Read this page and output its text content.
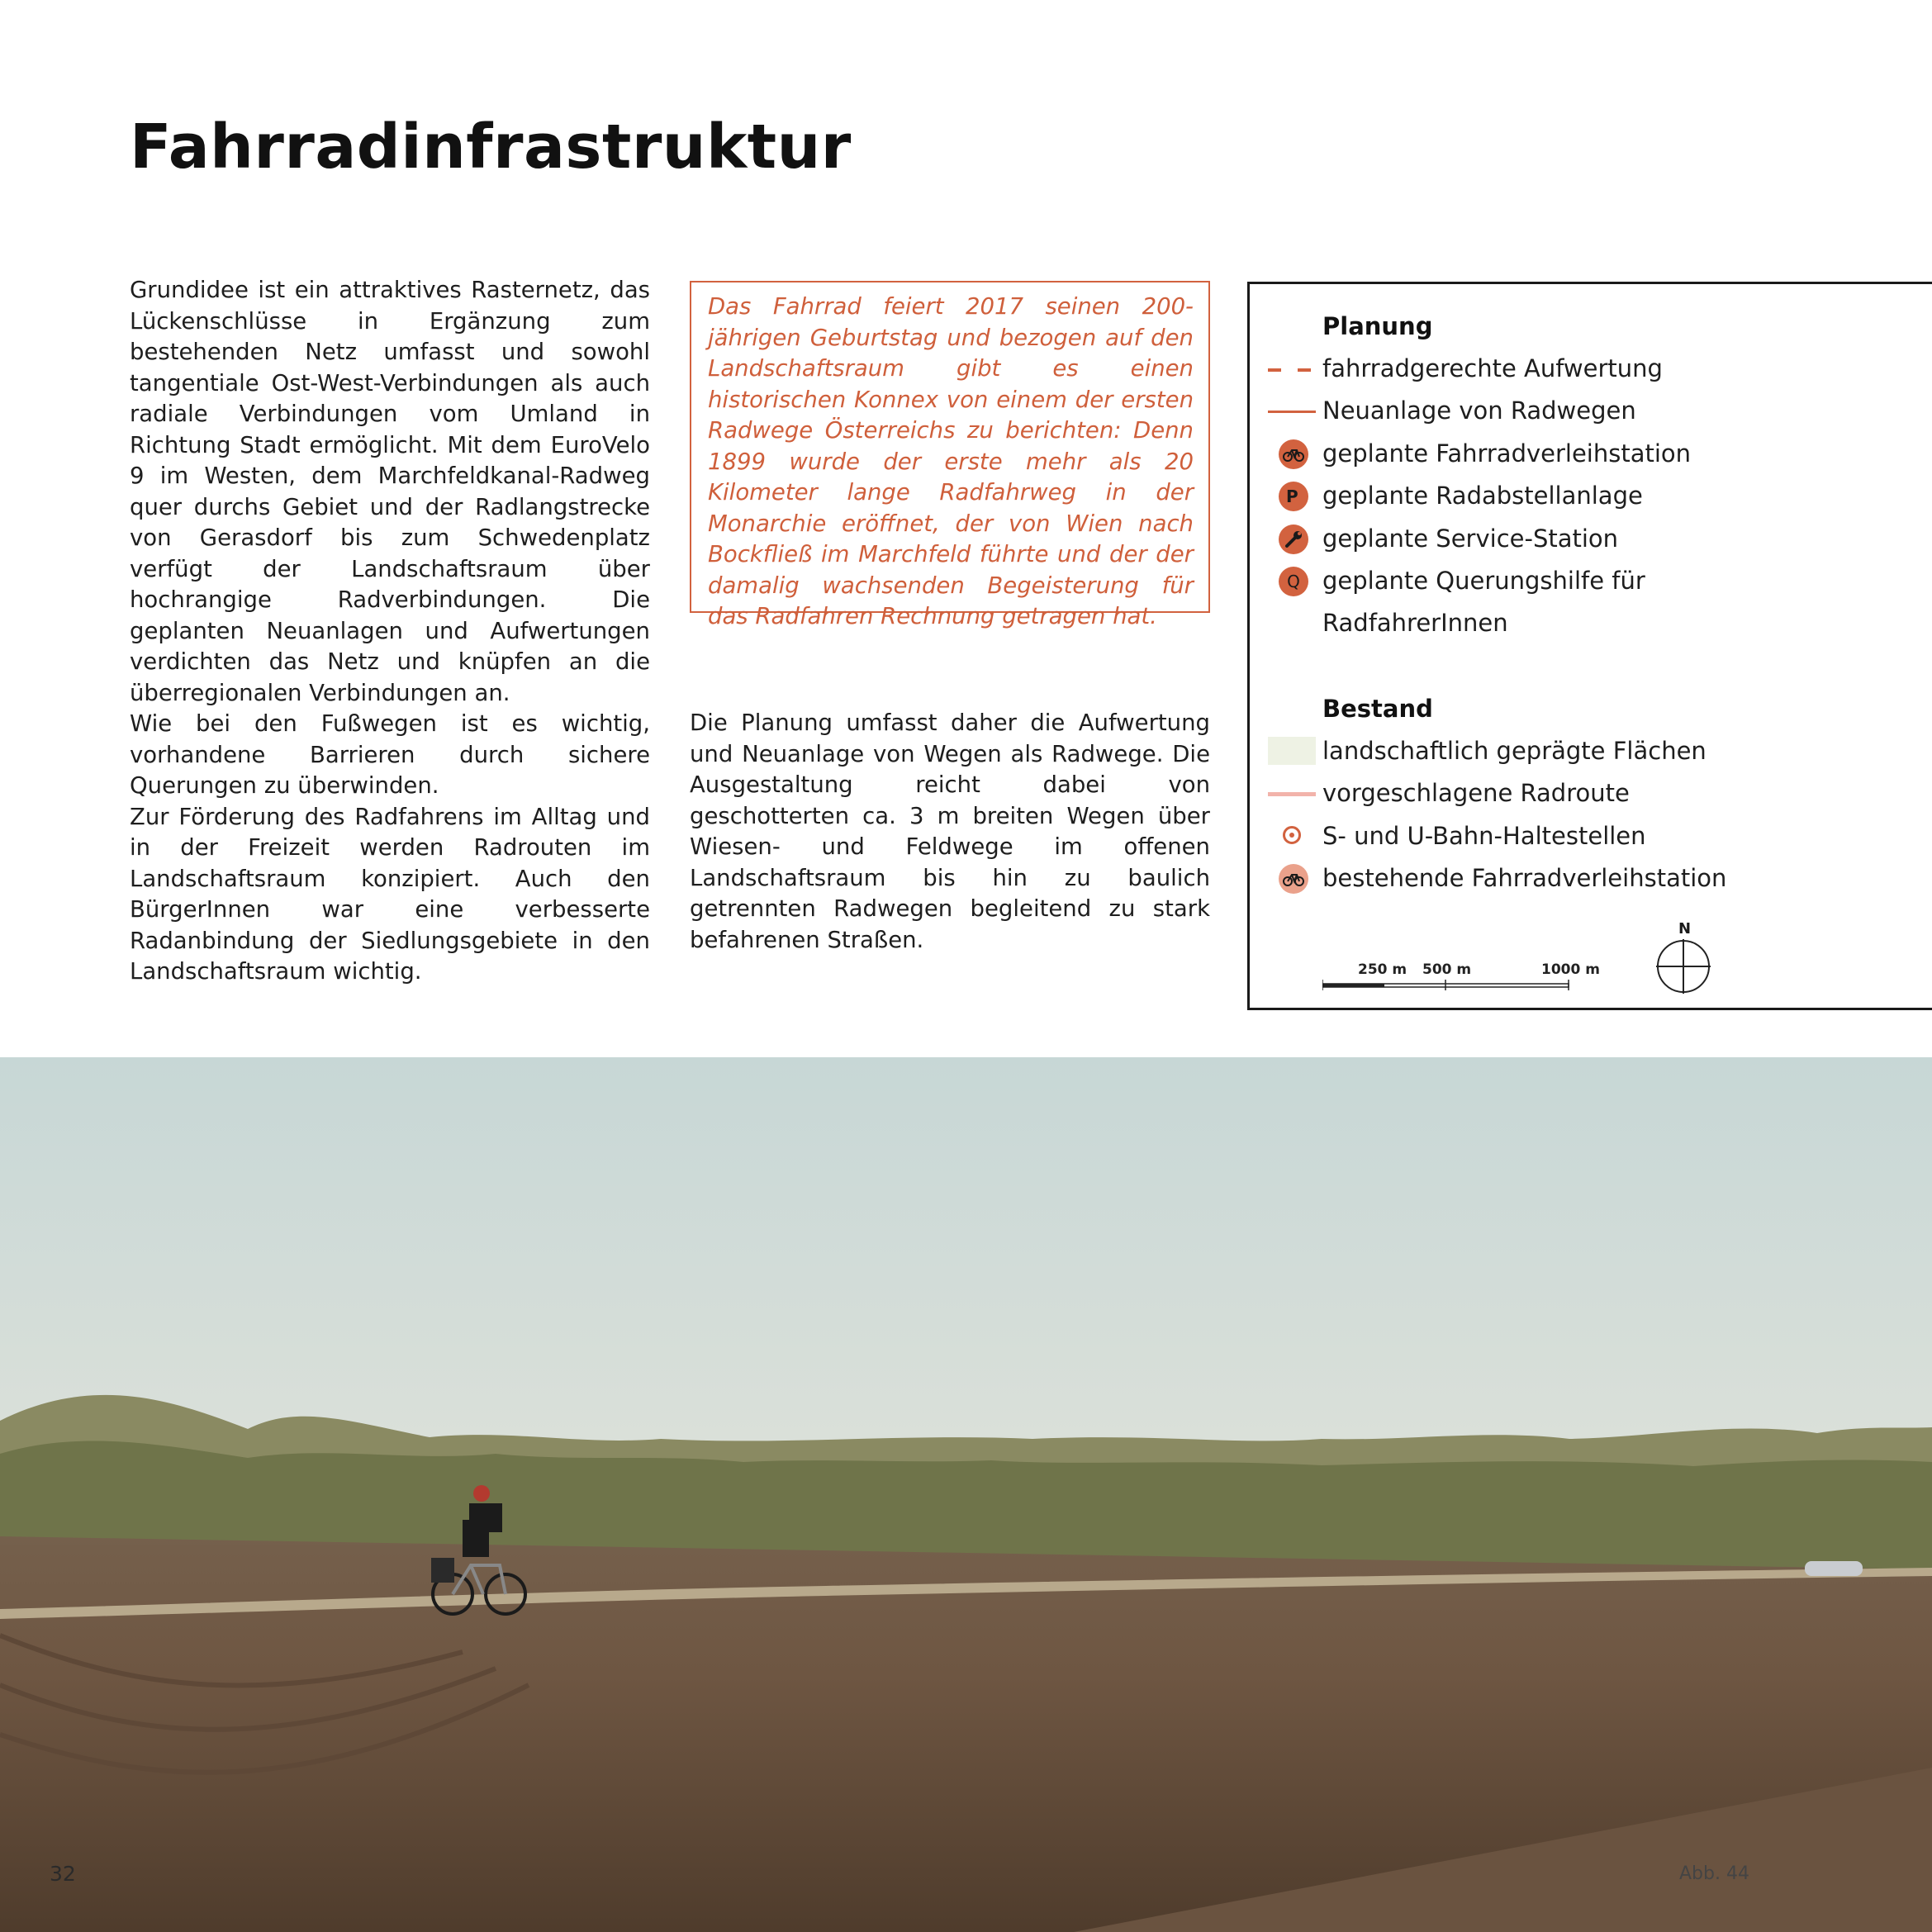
Fahrradinfrastruktur

Grundidee ist ein attraktives Rasternetz, das Lückenschlüsse in Ergänzung zum bestehenden Netz umfasst und sowohl tangentiale Ost-West-Verbindungen als auch radiale Verbindungen vom Umland in Richtung Stadt ermöglicht. Mit dem EuroVelo 9 im Westen, dem Marchfeldkanal-Radweg quer durchs Gebiet und der Radlangstrecke von Gerasdorf bis zum Schwedenplatz verfügt der Landschaftsraum über hochrangige Radverbindungen. Die geplanten Neuanlagen und Aufwertungen verdichten das Netz und knüpfen an die überregionalen Verbindungen an.

Wie bei den Fußwegen ist es wichtig, vorhandene Barrieren durch sichere Querungen zu überwinden.

Zur Förderung des Radfahrens im Alltag und in der Freizeit werden Radrouten im Landschaftsraum konzipiert. Auch den BürgerInnen war eine verbesserte Radanbindung der Siedlungsgebiete in den Landschaftsraum wichtig.

Das Fahrrad feiert 2017 seinen 200-jährigen Geburtstag und bezogen auf den Landschaftsraum gibt es einen historischen Konnex von einem der ersten Radwege Österreichs zu berichten: Denn 1899 wurde der erste mehr als 20 Kilometer lange Radfahrweg in der Monarchie eröffnet, der von Wien nach Bockfließ im Marchfeld führte und der der damalig wachsenden Begeisterung für das Radfahren Rechnung getragen hat.

Die Planung umfasst daher die Aufwertung und Neuanlage von Wegen als Radwege. Die Ausgestaltung reicht dabei von geschotterten ca. 3 m breiten Wegen über Wiesen- und Feldwege im offenen Landschaftsraum bis hin zu baulich getrennten Radwegen begleitend zu stark befahrenen Straßen.

Planung
fahrradgerechte Aufwertung
Neuanlage von Radwegen
geplante Fahrradverleihstation
P	geplante Radabstellanlage
geplante Service-Station
Q geplante Querungshilfe für
RadfahrerInnen
Bestand
landschaftlich geprägte Flächen
vorgeschlagene Radroute
S- und U-Bahn-Haltestellen
bestehende Fahrradverleihstation
250 m 500 m	1000 m
N
32	Abb. 44
